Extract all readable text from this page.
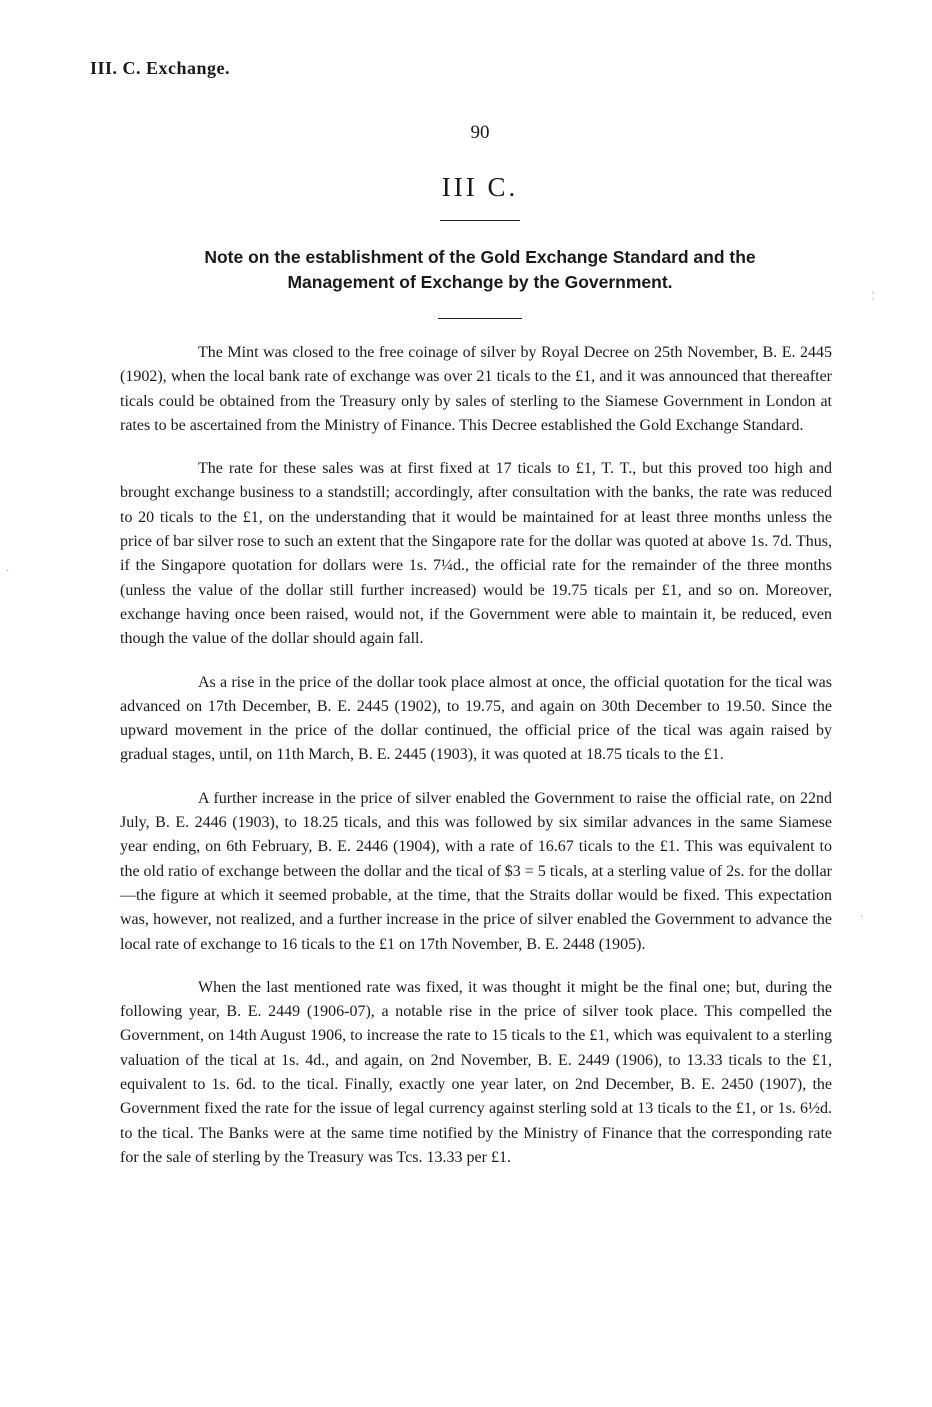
III. C. Exchange.
90
III C.
Note on the establishment of the Gold Exchange Standard and the
Management of Exchange by the Government.

The Mint was closed to the free coinage of silver by Royal Decree on 25th November, B. E. 2445 (1902), when the local bank rate of exchange was over 21 ticals to the £1, and it was announced that thereafter ticals could be obtained from the Treasury only by sales of sterling to the Siamese Government in London at rates to be ascertained from the Ministry of Finance. This Decree established the Gold Exchange Standard.

The rate for these sales was at first fixed at 17 ticals to £1, T. T., but this proved too high and brought exchange business to a standstill; accordingly, after consultation with the banks, the rate was reduced to 20 ticals to the £1, on the understanding that it would be maintained for at least three months unless the price of bar silver rose to such an extent that the Singapore rate for the dollar was quoted at above 1s. 7d. Thus, if the Singapore quotation for dollars were 1s. 7¼d., the official rate for the remainder of the three months (unless the value of the dollar still further increased) would be 19.75 ticals per £1, and so on. Moreover, exchange having once been raised, would not, if the Government were able to maintain it, be reduced, even though the value of the dollar should again fall.

As a rise in the price of the dollar took place almost at once, the official quotation for the tical was advanced on 17th December, B. E. 2445 (1902), to 19.75, and again on 30th December to 19.50. Since the upward movement in the price of the dollar continued, the official price of the tical was again raised by gradual stages, until, on 11th March, B. E. 2445 (1903), it was quoted at 18.75 ticals to the £1.

A further increase in the price of silver enabled the Government to raise the official rate, on 22nd July, B. E. 2446 (1903), to 18.25 ticals, and this was followed by six similar advances in the same Siamese year ending, on 6th February, B. E. 2446 (1904), with a rate of 16.67 ticals to the £1. This was equivalent to the old ratio of exchange between the dollar and the tical of $3 = 5 ticals, at a sterling value of 2s. for the dollar—the figure at which it seemed probable, at the time, that the Straits dollar would be fixed. This expectation was, however, not realized, and a further increase in the price of silver enabled the Government to advance the local rate of exchange to 16 ticals to the £1 on 17th November, B. E. 2448 (1905).

When the last mentioned rate was fixed, it was thought it might be the final one; but, during the following year, B. E. 2449 (1906-07), a notable rise in the price of silver took place. This compelled the Government, on 14th August 1906, to increase the rate to 15 ticals to the £1, which was equivalent to a sterling valuation of the tical at 1s. 4d., and again, on 2nd November, B. E. 2449 (1906), to 13.33 ticals to the £1, equivalent to 1s. 6d. to the tical. Finally, exactly one year later, on 2nd December, B. E. 2450 (1907), the Government fixed the rate for the issue of legal currency against sterling sold at 13 ticals to the £1, or 1s. 6½d. to the tical. The Banks were at the same time notified by the Ministry of Finance that the corresponding rate for the sale of sterling by the Treasury was Tcs. 13.33 per £1.

¦
·
·
